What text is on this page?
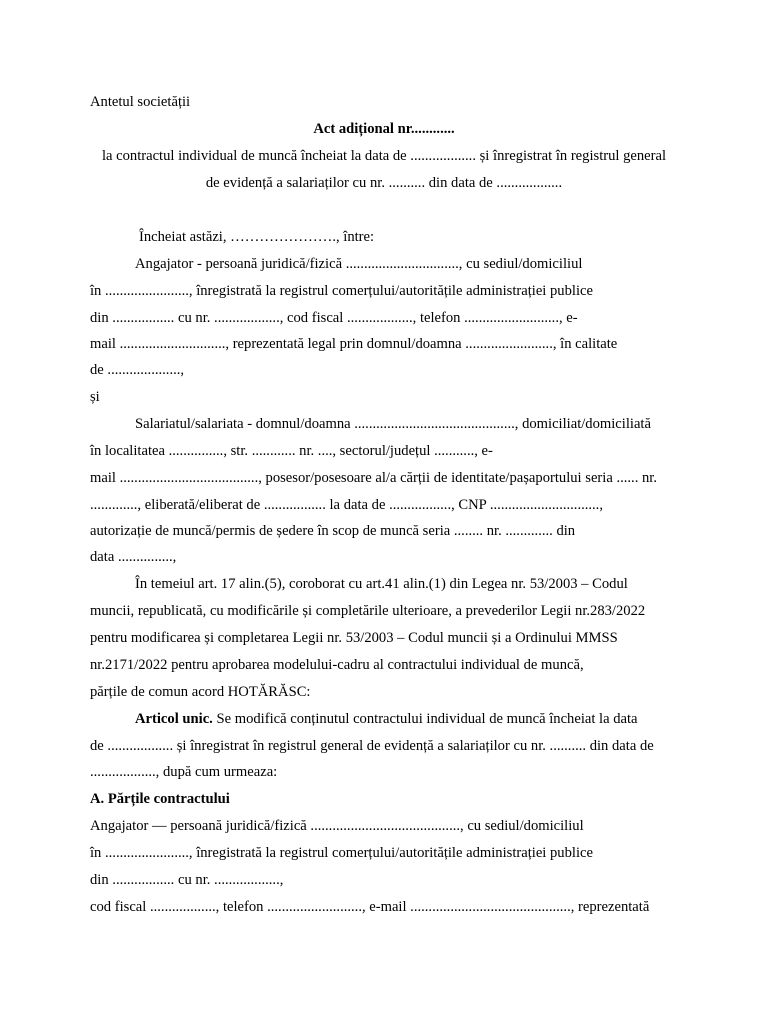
Antetul societății
Act adițional nr............
la contractul individual de muncă încheiat la data de .................. și înregistrat în registrul general
de evidență a salariaților cu nr. .......... din data de ..................
Încheiat astăzi, …………………., între:
Angajator - persoană juridică/fizică ..............................., cu sediul/domiciliul
în ......................., înregistrată la registrul comerțului/autoritățile administrației publice
din ................. cu nr. .................., cod fiscal .................., telefon .........................., e-
mail ............................., reprezentată legal prin domnul/doamna ........................, în calitate
de ....................,
și
Salariatul/salariata - domnul/doamna ............................................, domiciliat/domiciliată
în localitatea ..............., str. ............ nr. ...., sectorul/județul ..........., e-
mail ......................................, posesor/posesoare al/a cărții de identitate/pașaportului seria ...... nr.
............., eliberată/eliberat de ................. la data de ................., CNP ..............................,
autorizație de muncă/permis de ședere în scop de muncă seria ........ nr. ............. din
data ...............,
În temeiul art. 17 alin.(5), coroborat cu art.41 alin.(1) din Legea nr. 53/2003 – Codul
muncii, republicată, cu modificările și completările ulterioare, a prevederilor Legii nr.283/2022
pentru modificarea și completarea Legii nr. 53/2003 – Codul muncii și a Ordinului MMSS
nr.2171/2022 pentru aprobarea modelului-cadru al contractului individual de muncă,
părțile de comun acord HOTĂRĂSC:
Articol unic. Se modifică conținutul contractului individual de muncă încheiat la data
de .................. și înregistrat în registrul general de evidență a salariaților cu nr. .......... din data de
.................., după cum urmeaza:
A. Părțile contractului
Angajator — persoană juridică/fizică ........................................., cu sediul/domiciliul
în ......................., înregistrată la registrul comerțului/autoritățile administrației publice
din ................. cu nr. ..................,
cod fiscal .................., telefon .........................., e-mail ............................................, reprezentată
